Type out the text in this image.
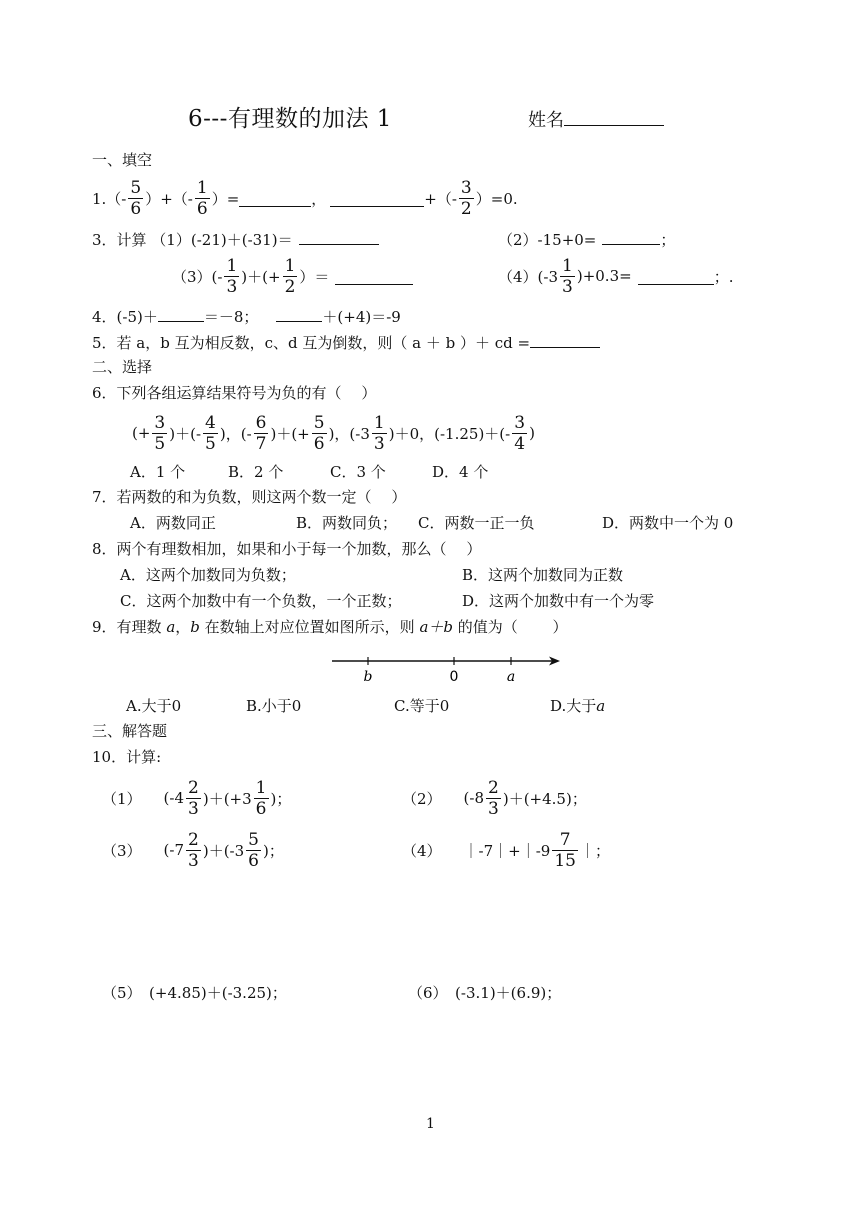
6---有理数的加法 1	姓名
一、填空
$1.(- \frac{5}{6}$ ）+（- $\frac{1}{6}$ ）=	，	+（- $\frac{3}{2} )=0$.
3．计算 （1）(-21)＋(-31)＝	（2）-15+0=	；
$(3)(- \frac{1}{3}$ )＋(+ $\frac{1}{2}$ ）＝	$(4)(-3 \frac{1}{3} )+0.3=$	；.
4．(-5)＋	＝－8；	＋(+4)＝-9
5．若 a，b 互为相反数，c、d 互为倒数，则（ a ＋ b ）＋ cd =
二、选择
6．下列各组运算结果符号为负的有（　 ）
(+ $\frac{3}{5}$ )＋(- $\frac{4}{5}$ )，(- $\frac{6}{7}$ )＋(+ $\frac{5}{6}$ )，$(-3 \frac{1}{3} )+0$，$(-1.25)+(- \frac{3}{4}$ )
A．1 个	B．2 个	C．3 个	D．4 个
7．若两数的和为负数，则这两个数一定（　 ）
A．两数同正	B．两数同负； C．两数一正一负	D．两数中一个为 0
8．两个有理数相加，如果和小于每一个加数，那么（　 ）
A．这两个加数同为负数；	B．这两个加数同为正数
C．这两个加数中有一个负数，一个正数；	D．这两个加数中有一个为零
9．有理数 a，b 在数轴上对应位置如图所示，则 a＋b 的值为（　　 ）
b	0	a
A.大于0	B.小于0	C.等于0	D.大于a
三、解答题
10．计算:
（1） $(-4 \frac{2}{3} )+(+3 \frac{1}{6}$ )；	（2） $(-8 \frac{2}{3} )+(+4.5)$；
（3） $(-7 \frac{2}{3} )+(-3 \frac{5}{6}$ )；	（4） ｜-7｜+｜-9 $\frac{7}{15}$ ｜；
（5）　(+4.85)＋(-3.25)；	（6）　(-3.1)＋(6.9)；
1
